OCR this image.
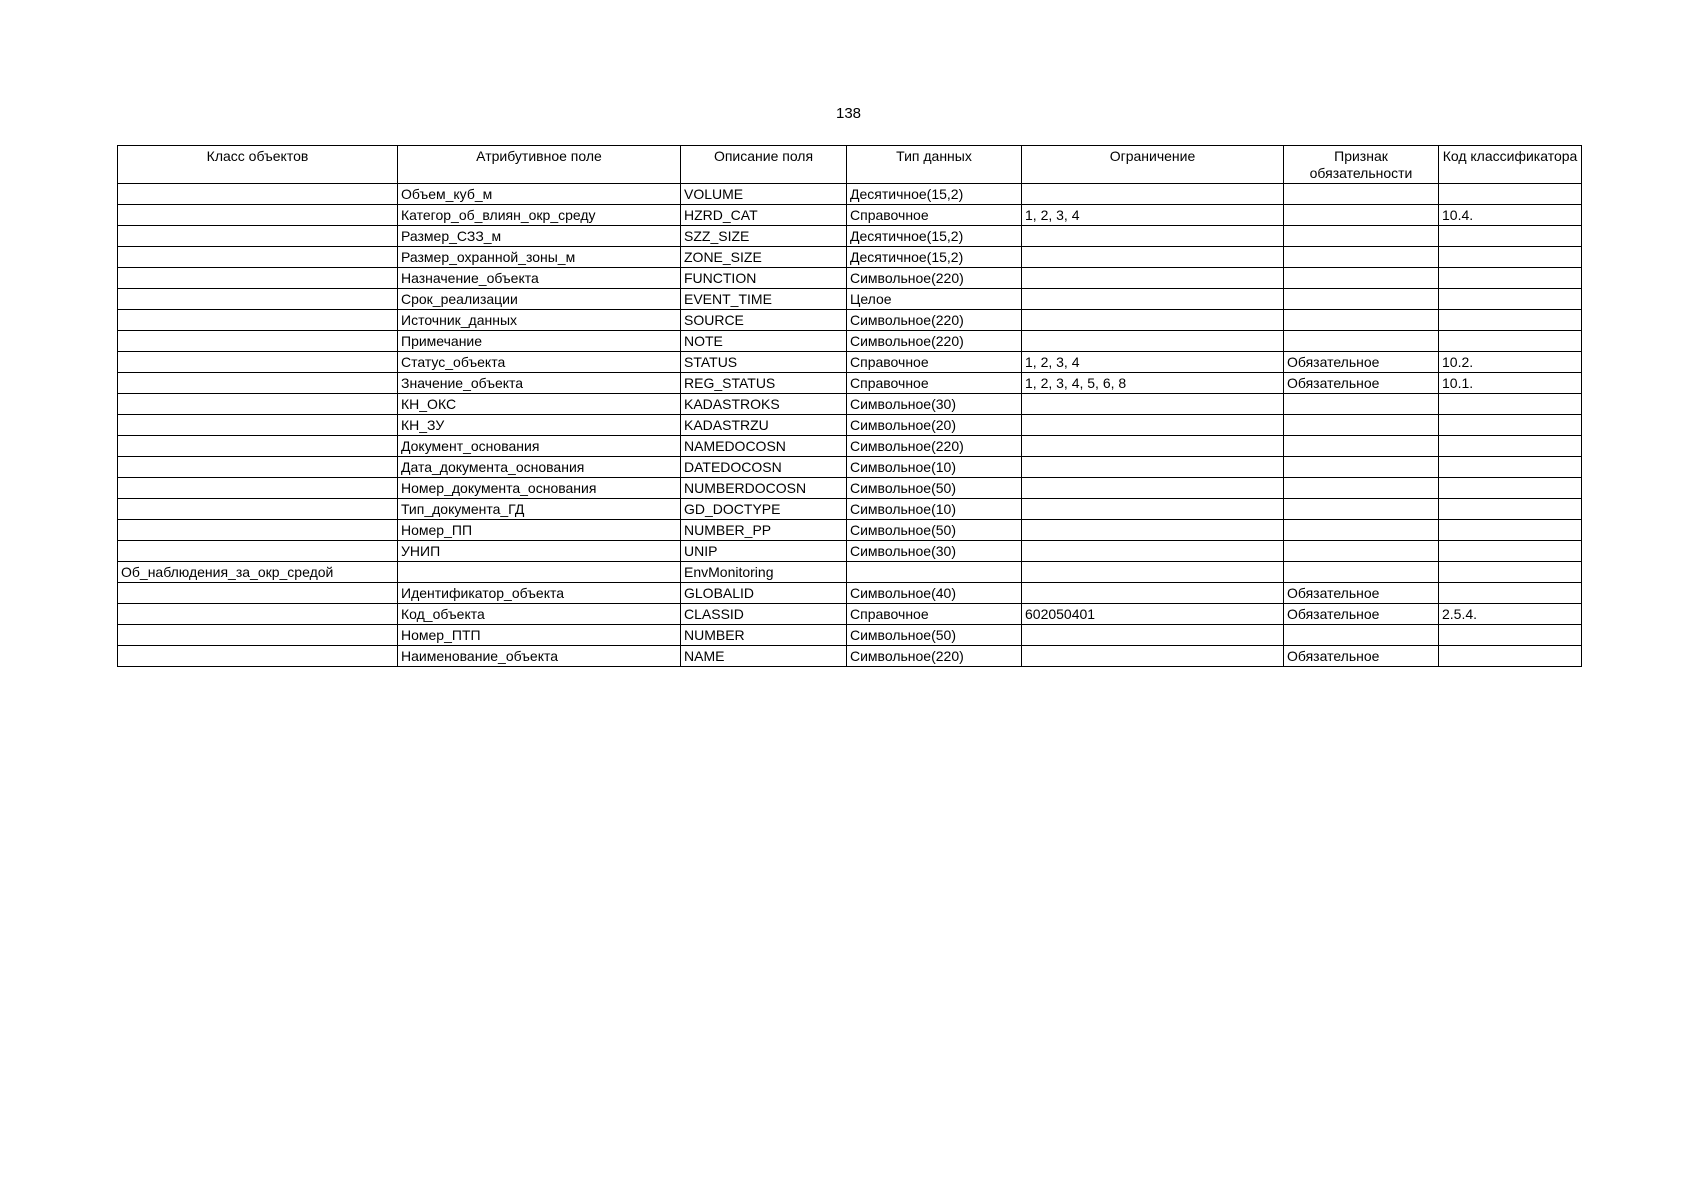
138
Класс объектов	Атрибутивное поле	Описание поля	Тип данных	Ограничение	Признак обязательности	Код классификатора
	Объем_куб_м	VOLUME	Десятичное(15,2)			
	Категор_об_влиян_окр_среду	HZRD_CAT	Справочное	1, 2, 3, 4		10.4.
	Размер_СЗЗ_м	SZZ_SIZE	Десятичное(15,2)			
	Размер_охранной_зоны_м	ZONE_SIZE	Десятичное(15,2)			
	Назначение_объекта	FUNCTION	Символьное(220)			
	Срок_реализации	EVENT_TIME	Целое			
	Источник_данных	SOURCE	Символьное(220)			
	Примечание	NOTE	Символьное(220)			
	Статус_объекта	STATUS	Справочное	1, 2, 3, 4	Обязательное	10.2.
	Значение_объекта	REG_STATUS	Справочное	1, 2, 3, 4, 5, 6, 8	Обязательное	10.1.
	КН_ОКС	KADASTROKS	Символьное(30)			
	КН_ЗУ	KADASTRZU	Символьное(20)			
	Документ_основания	NAMEDOCOSN	Символьное(220)			
	Дата_документа_основания	DATEDOCOSN	Символьное(10)			
	Номер_документа_основания	NUMBERDOCOSN	Символьное(50)			
	Тип_документа_ГД	GD_DOCTYPE	Символьное(10)			
	Номер_ПП	NUMBER_PP	Символьное(50)			
	УНИП	UNIP	Символьное(30)			
Об_наблюдения_за_окр_средой		EnvMonitoring				
	Идентификатор_объекта	GLOBALID	Символьное(40)		Обязательное	
	Код_объекта	CLASSID	Справочное	602050401	Обязательное	2.5.4.
	Номер_ПТП	NUMBER	Символьное(50)			
	Наименование_объекта	NAME	Символьное(220)		Обязательное	
